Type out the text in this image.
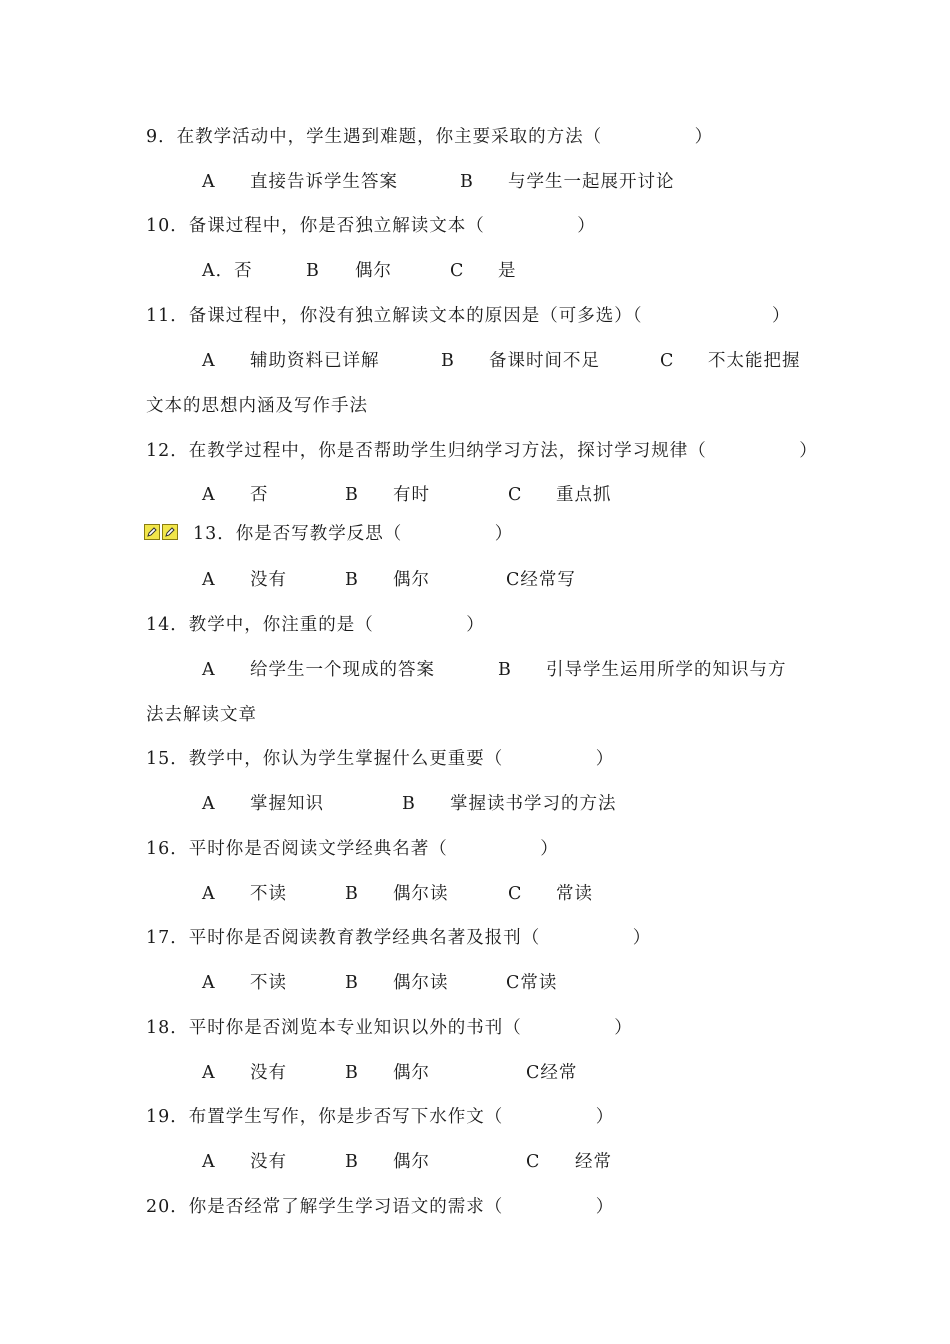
9．在教学活动中，学生遇到难题，你主要采取的方法（　　　　　）
A 直接告诉学生答案	B 与学生一起展开讨论
10．备课过程中，你是否独立解读文本（　　　　　）
A．否	B 偶尔	C 是
11．备课过程中，你没有独立解读文本的原因是（可多选）（　　　　　　　）
A 辅助资料已详解	B 备课时间不足	C 不太能把握
文本的思想内涵及写作手法
12．在教学过程中，你是否帮助学生归纳学习方法，探讨学习规律（　　　　　）
A 否	B 有时	C 重点抓
13．你是否写教学反思（　　　　　）
A 没有	B 偶尔	C经常写
14．教学中，你注重的是（　　　　　）
A 给学生一个现成的答案	B 引导学生运用所学的知识与方
法去解读文章
15．教学中，你认为学生掌握什么更重要（　　　　　）
A 掌握知识	B 掌握读书学习的方法
16．平时你是否阅读文学经典名著（　　　　　）
A 不读	B 偶尔读	C 常读
17．平时你是否阅读教育教学经典名著及报刊（　　　　　）
A 不读	B 偶尔读	C常读
18．平时你是否浏览本专业知识以外的书刊（　　　　　）
A 没有	B 偶尔	C经常
19．布置学生写作，你是步否写下水作文（　　　　　）
A 没有	B 偶尔	C 经常
20．你是否经常了解学生学习语文的需求（　　　　　）
